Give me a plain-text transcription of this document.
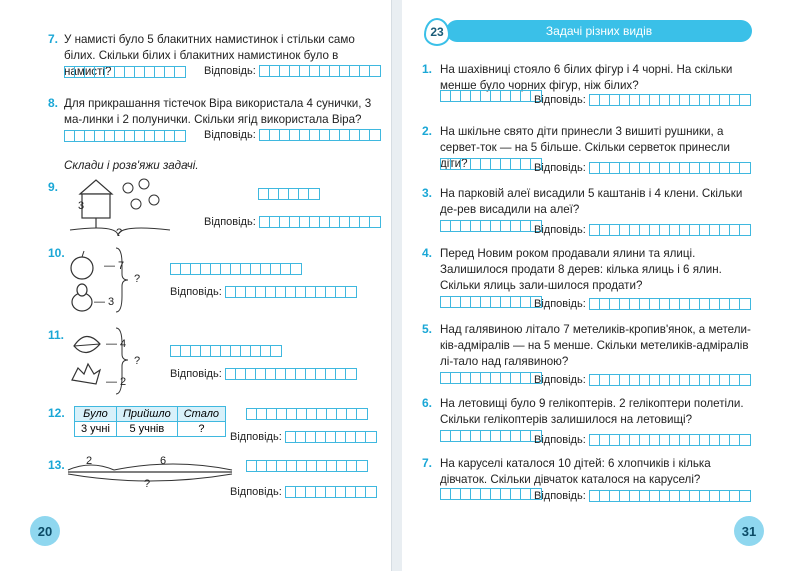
7. У намисті було 5 блакитних намистинок і стільки само білих. Скільки білих і блакитних намистинок було в намисті?	Відповідь:
8. Для прикрашання тістечок Віра використала 4 сунички, 3 ма-линки і 2 полунички. Скільки ягід використала Віра?
Відповідь:
Склади і розв'яжи задачі.
9.
3
?
Відповідь:
10.
— 7
— 3
?
Відповідь:
11.
— 4
— 2
?
Відповідь:
12. Було	Прийшло	Стало
3 учні	5 учнів	?
Відповідь:
13. 2	6
?
Відповідь:
20
Задачі різних видів
23
1. На шахівниці стояло 6 білих фігур і 4 чорні. На скільки менше було чорних фігур, ніж білих?
Відповідь:
2. На шкільне свято діти принесли 3 вишиті рушники, а сервет-ток — на 5 більше. Скільки серветок принесли діти?	Відповідь:
3. На парковій алеї висадили 5 каштанів і 4 клени. Скільки де-рев висадили на алеї?
Відповідь:
4. Перед Новим роком продавали ялини та ялиці. Залишилося продати 8 дерев: кілька ялиць і 6 ялин. Скільки ялиць зали-шилося продати?
Відповідь:
5. Над галявиною літало 7 метеликів-кропив'янок, а метели-ків-адміралів — на 5 менше. Скільки метеликів-адміралів лі-тало над галявиною?
Відповідь:
6. На летовищі було 9 гелікоптерів. 2 гелікоптери полетіли. Скільки гелікоптерів залишилося на летовищі?
Відповідь:
7. На каруселі каталося 10 дітей: 6 хлопчиків і кілька дівчаток. Скільки дівчаток каталося на каруселі?
Відповідь:
31
